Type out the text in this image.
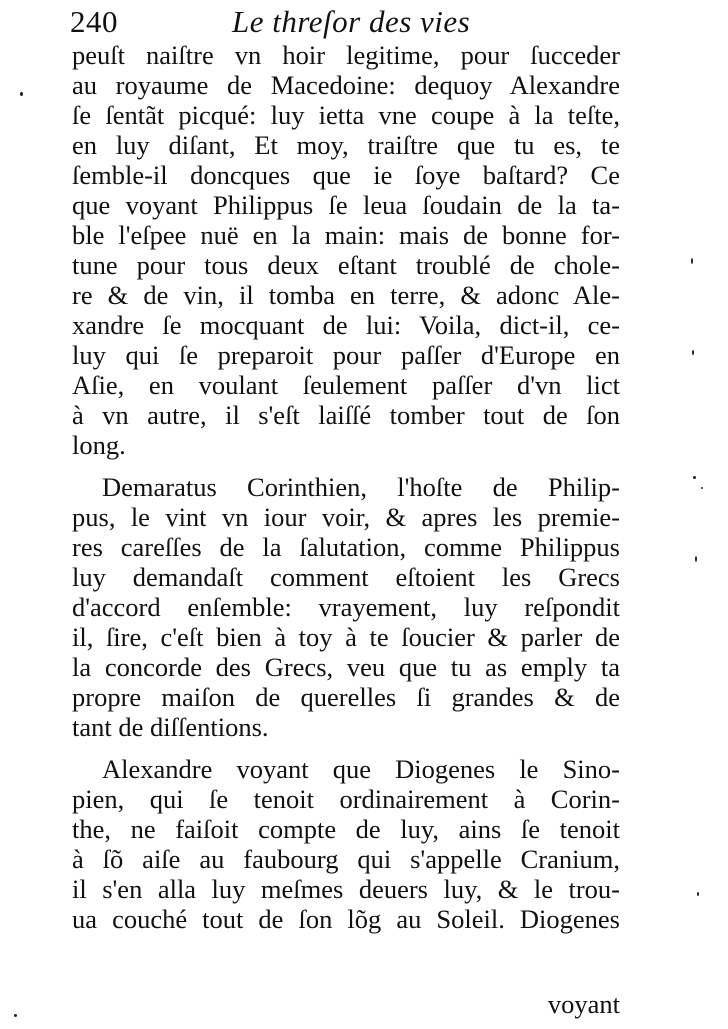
240	Le threſor des vies
peuſt naiſtre vn hoir legitime, pour ſucceder
au royaume de Macedoine: dequoy Alexandre
ſe ſentãt picqué: luy ietta vne coupe à la teſte,
en luy diſant, Et moy, traiſtre que tu es, te
ſemble-il doncques que ie ſoye baſtard? Ce
que voyant Philippus ſe leua ſoudain de la ta-
ble l'eſpee nuë en la main: mais de bonne for-
tune pour tous deux eſtant troublé de chole-
re & de vin, il tomba en terre, & adonc Ale-
xandre ſe mocquant de lui: Voila, dict-il, ce-
luy qui ſe preparoit pour paſſer d'Europe en
Aſie, en voulant ſeulement paſſer d'vn lict
à vn autre, il s'eſt laiſſé tomber tout de ſon
long.
Demaratus Corinthien, l'hoſte de Philip-
pus, le vint vn iour voir, & apres les premie-
res careſſes de la ſalutation, comme Philippus
luy demandaſt comment eſtoient les Grecs
d'accord enſemble: vrayement, luy reſpondit
il, ſire, c'eſt bien à toy à te ſoucier & parler de
la concorde des Grecs, veu que tu as emply ta
propre maiſon de querelles ſi grandes & de
tant de diſſentions.
Alexandre voyant que Diogenes le Sino-
pien, qui ſe tenoit ordinairement à Corin-
the, ne faiſoit compte de luy, ains ſe tenoit
à ſõ aiſe au faubourg qui s'appelle Cranium,
il s'en alla luy meſmes deuers luy, & le trou-
ua couché tout de ſon lõg au Soleil. Diogenes
voyant
